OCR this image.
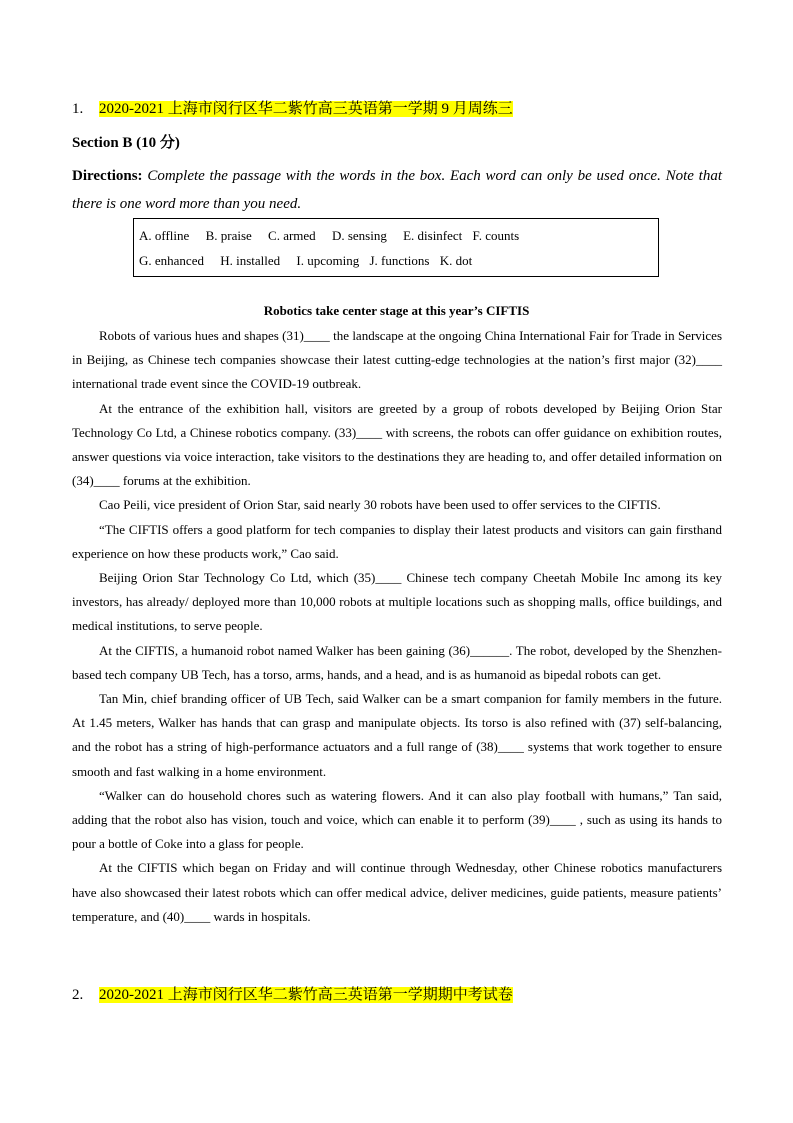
1. 2020-2021 上海市闵行区华二紫竹高三英语第一学期 9 月周练三
Section B (10 分)
Directions: Complete the passage with the words in the box. Each word can only be used once. Note that there is one word more than you need.
A. offline B. praise C. armed D. sensing E. disinfect F. counts
G. enhanced H. installed I. upcoming J. functions K. dot
Robotics take center stage at this year’s CIFTIS

Robots of various hues and shapes (31)____ the landscape at the ongoing China International Fair for Trade in Services in Beijing, as Chinese tech companies showcase their latest cutting-edge technologies at the nation’s first major (32)____ international trade event since the COVID-19 outbreak.

At the entrance of the exhibition hall, visitors are greeted by a group of robots developed by Beijing Orion Star Technology Co Ltd, a Chinese robotics company. (33)____ with screens, the robots can offer guidance on exhibition routes, answer questions via voice interaction, take visitors to the destinations they are heading to, and offer detailed information on (34)____ forums at the exhibition.

Cao Peili, vice president of Orion Star, said nearly 30 robots have been used to offer services to the CIFTIS.

“The CIFTIS offers a good platform for tech companies to display their latest products and visitors can gain firsthand experience on how these products work,” Cao said.

Beijing Orion Star Technology Co Ltd, which (35)____ Chinese tech company Cheetah Mobile Inc among its key investors, has already/ deployed more than 10,000 robots at multiple locations such as shopping malls, office buildings, and medical institutions, to serve people.

At the CIFTIS, a humanoid robot named Walker has been gaining (36)______. The robot, developed by the Shenzhen-based tech company UB Tech, has a torso, arms, hands, and a head, and is as humanoid as bipedal robots can get.

Tan Min, chief branding officer of UB Tech, said Walker can be a smart companion for family members in the future. At 1.45 meters, Walker has hands that can grasp and manipulate objects. Its torso is also refined with (37) self-balancing, and the robot has a string of high-performance actuators and a full range of (38)____ systems that work together to ensure smooth and fast walking in a home environment.

“Walker can do household chores such as watering flowers. And it can also play football with humans,” Tan said, adding that the robot also has vision, touch and voice, which can enable it to perform (39)____ , such as using its hands to pour a bottle of Coke into a glass for people.

At the CIFTIS which began on Friday and will continue through Wednesday, other Chinese robotics manufacturers have also showcased their latest robots which can offer medical advice, deliver medicines, guide patients, measure patients’ temperature, and (40)____ wards in hospitals.

2. 2020-2021 上海市闵行区华二紫竹高三英语第一学期期中考试卷
